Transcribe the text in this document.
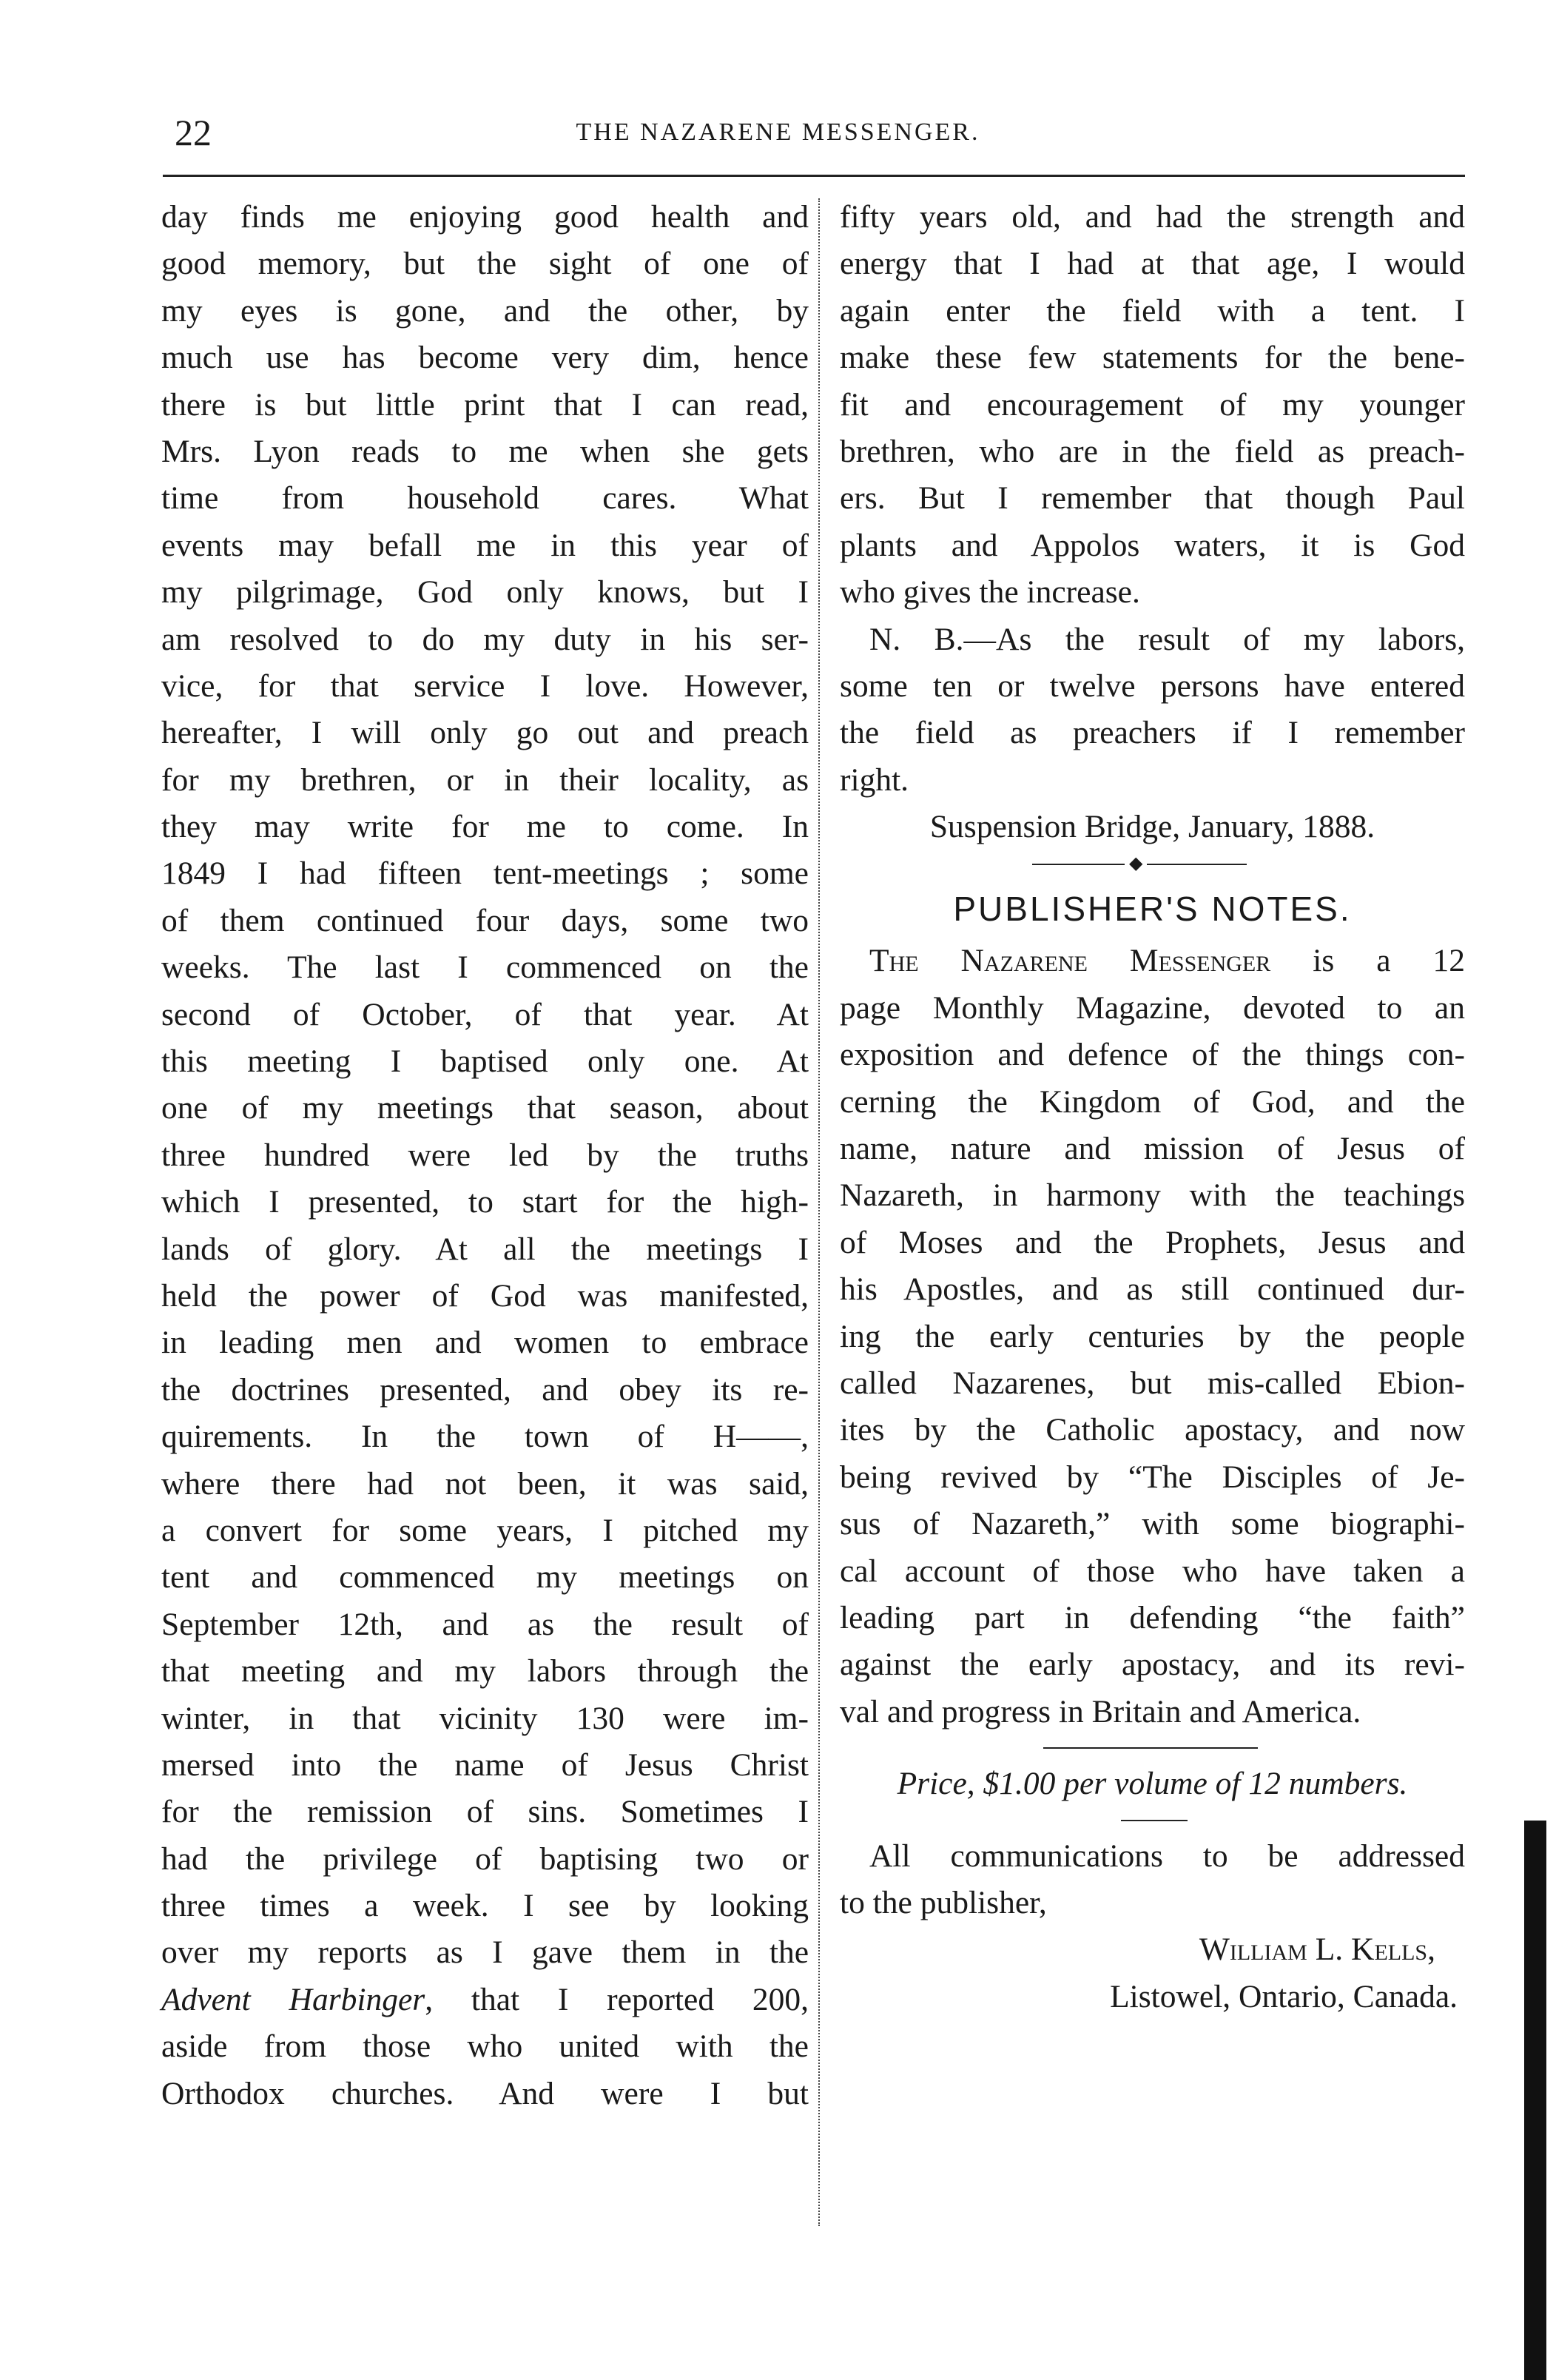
22	THE NAZARENE MESSENGER.
day finds me enjoying good health and
good memory, but the sight of one of
my eyes is gone, and the other, by
much use has become very dim, hence
there is but little print that I can read,
Mrs. Lyon reads to me when she gets
time from household cares. What
events may befall me in this year of
my pilgrimage, God only knows, but I
am resolved to do my duty in his ser-
vice, for that service I love. However,
hereafter, I will only go out and preach
for my brethren, or in their locality, as
they may write for me to come. In
1849 I had fifteen tent-meetings ; some
of them continued four days, some two
weeks. The last I commenced on the
second of October, of that year. At
this meeting I baptised only one. At
one of my meetings that season, about
three hundred were led by the truths
which I presented, to start for the high-
lands of glory. At all the meetings I
held the power of God was manifested,
in leading men and women to embrace
the doctrines presented, and obey its re-
quirements. In the town of H——,
where there had not been, it was said,
a convert for some years, I pitched my
tent and commenced my meetings on
September 12th, and as the result of
that meeting and my labors through the
winter, in that vicinity 130 were im-
mersed into the name of Jesus Christ
for the remission of sins. Sometimes I
had the privilege of baptising two or
three times a week. I see by looking
over my reports as I gave them in the
Advent Harbinger, that I reported 200,
aside from those who united with the
Orthodox churches. And were I but
fifty years old, and had the strength and
energy that I had at that age, I would
again enter the field with a tent. I
make these few statements for the bene-
fit and encouragement of my younger
brethren, who are in the field as preach-
ers. But I remember that though Paul
plants and Appolos waters, it is God
who gives the increase.
N. B.—As the result of my labors,
some ten or twelve persons have entered
the field as preachers if I remember
right.
Suspension Bridge, January, 1888.
◆
PUBLISHER'S NOTES.
The Nazarene Messenger is a 12
page Monthly Magazine, devoted to an
exposition and defence of the things con-
cerning the Kingdom of God, and the
name, nature and mission of Jesus of
Nazareth, in harmony with the teachings
of Moses and the Prophets, Jesus and
his Apostles, and as still continued dur-
ing the early centuries by the people
called Nazarenes, but mis-called Ebion-
ites by the Catholic apostacy, and now
being revived by “The Disciples of Je-
sus of Nazareth,” with some biographi-
cal account of those who have taken a
leading part in defending “the faith”
against the early apostacy, and its revi-
val and progress in Britain and America.
Price, $1.00 per volume of 12 numbers.
All communications to be addressed
to the publisher,
William L. Kells,
Listowel, Ontario, Canada.
